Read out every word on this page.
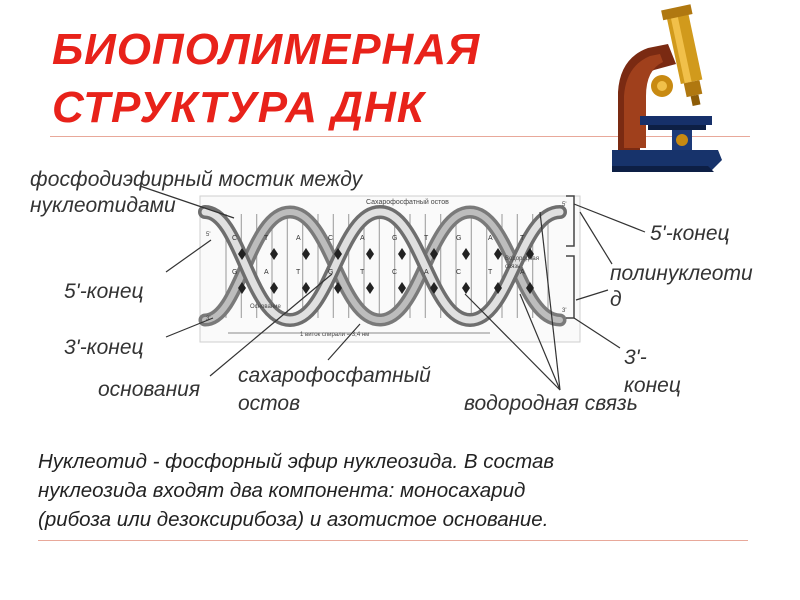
БИОПОЛИМЕРНАЯ
СТРУКТУРА ДНК
C
G
T
A
A
T
C
G
A
T
G
C
T
A
G
C
A
T
T
A
Сахарофосфатный остов
Основание
Водородная
связь
1 виток спирали = 3,4 нм
5'
3'
5'
3'
фосфодиэфирный мостик между
нуклеотидами
5'-конец
3'-конец
основания
сахарофосфатный
остов	водородная связь
5'-конец
полинуклеоти
д
3'-
конец
Нуклеотид - фосфорный эфир нуклеозида. В состав
нуклеозида входят два компонента: моносахарид
(рибоза или дезоксирибоза) и азотистое основание.
